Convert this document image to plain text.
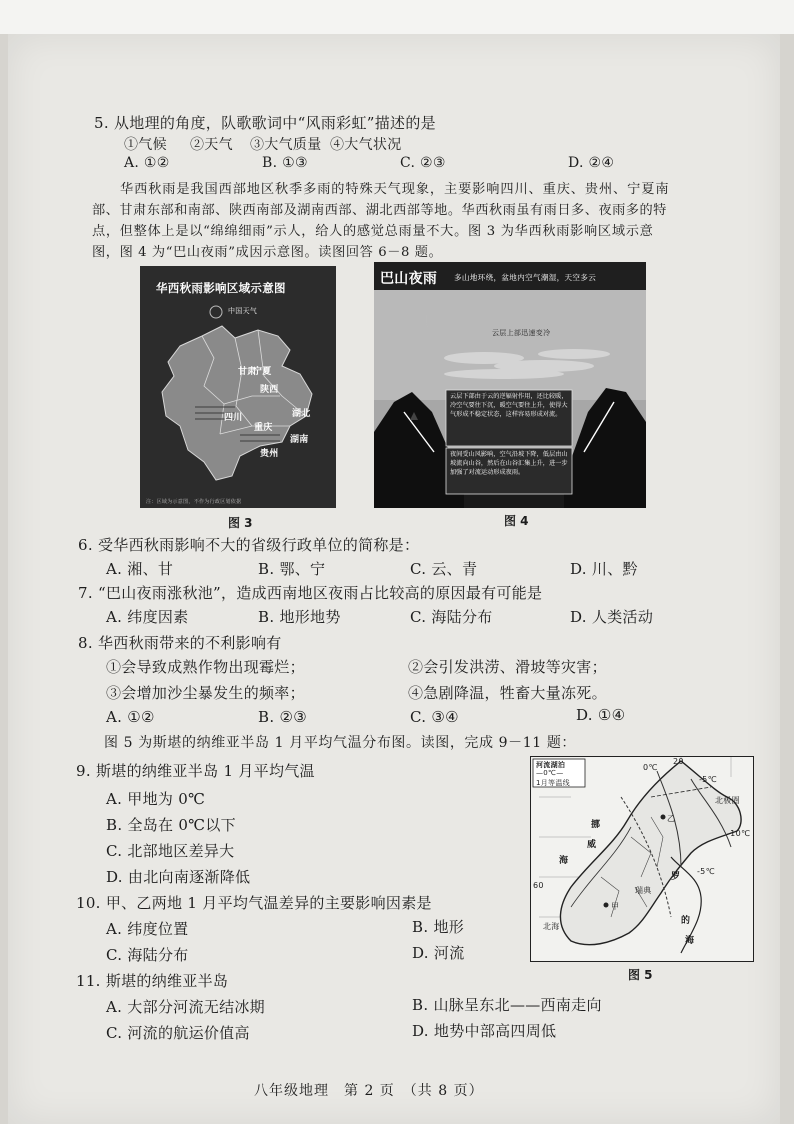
5. 从地理的角度，队歌歌词中“风雨彩虹”描述的是
①气候 ②天气 ③大气质量 ④大气状况
A. ①②	B. ①③	C. ②③	D. ②④
华西秋雨是我国西部地区秋季多雨的特殊天气现象，主要影响四川、重庆、贵州、宁夏南
部、甘肃东部和南部、陕西南部及湖南西部、湖北西部等地。华西秋雨虽有雨日多、夜雨多的特
点，但整体上是以“绵绵细雨”示人，给人的感觉总雨量不大。图 3 为华西秋雨影响区域示意
图，图 4 为“巴山夜雨”成因示意图。读图回答 6－8 题。
华西秋雨影响区域示意图
中国天气
甘肃
宁夏
陕西
四川
重庆
湖北
湖南
贵州
注：区域为示意图，不作为行政区划依据
图 3
巴山夜雨 多山地环绕，盆地内空气潮湿，天空多云
云层上部迅速变冷
云层下部由于云的逆辐射作用，还比较暖，冷空气要往下沉，暖空气要往上升，使得大气形成不稳定状态，这样容易形成对流。
夜间受山风影响，空气沿坡下降，低层由山坡流向山谷，然后在山谷汇集上升，进一步加强了对流运动形成夜雨。
图 4
6. 受华西秋雨影响不大的省级行政单位的简称是：
A. 湘、甘	B. 鄂、宁	C. 云、青	D. 川、黔
7. “巴山夜雨涨秋池”，造成西南地区夜雨占比较高的原因最有可能是
A. 纬度因素	B. 地形地势	C. 海陆分布	D. 人类活动
8. 华西秋雨带来的不利影响有
①会导致成熟作物出现霉烂；	②会引发洪涝、滑坡等灾害；
③会增加沙尘暴发生的频率；	④急剧降温，牲畜大量冻死。
A. ①②	B. ②③	C. ③④	D. ①④
图 5 为斯堪的纳维亚半岛 1 月平均气温分布图。读图，完成 9－11 题：
9. 斯堪的纳维亚半岛 1 月平均气温
A. 甲地为 0℃
B. 全岛在 0℃以下
C. 北部地区差异大
D. 由北向南逐渐降低
10. 甲、乙两地 1 月平均气温差异的主要影响因素是
A. 纬度位置	B. 地形
C. 海陆分布	D. 河流
11. 斯堪的纳维亚半岛
A. 大部分河流无结冰期	B. 山脉呈东北——西南走向
C. 河流的航运价值高	D. 地势中部高四周低
河流湖泊
—0℃—
1月等温线
20
0℃
-5℃
北极圈
-10℃
-5℃
60
挪
威
海
甲
乙
罗
的
海
北海
瑞典
图 5
八年级地理　第 2 页　（共 8 页）
